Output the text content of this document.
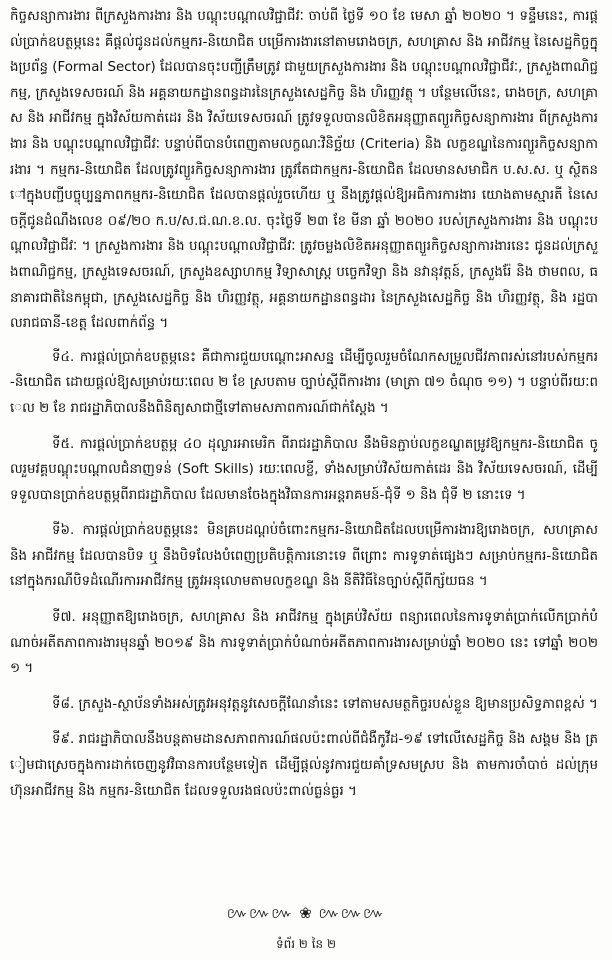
កិច្ចសន្យាការងារ ពីក្រសួងការងារ និង បណ្ដុះបណ្ដាលវិជ្ជាជីវៈ ចាប់ពី ថ្ងៃទី ១០ ខែ មេសា ឆ្នាំ ២០២០ ។ ទន្ទឹមនេះ, ការផ្ដល់ប្រាក់ឧបត្ថម្ភនេះ គឺផ្ដល់ជូនដល់កម្មករ-និយោជិត បម្រើការងារនៅតាមរោងចក្រ, សហគ្រាស និង អាជីវកម្ម នៃសេដ្ឋកិច្ចក្នុងប្រព័ន្ធ (Formal Sector) ដែលបានចុះបញ្ជីត្រឹមត្រូវ ជាមួយក្រសួងការងារ និង បណ្ដុះបណ្ដាលវិជ្ជាជីវៈ, ក្រសួងពាណិជ្ជកម្ម, ក្រសួងទេសចរណ៍ និង អគ្គនាយកដ្ឋានពន្ធដារនៃក្រសួងសេដ្ឋកិច្ច និង ហិរញ្ញវត្ថុ ។ បន្ថែមលើនេះ, រោងចក្រ, សហគ្រាស និង អាជីវកម្ម ក្នុងវិស័យកាត់ដេរ និង វិស័យទេសចរណ៍ ត្រូវទទួលបានលិខិតអនុញ្ញាតព្យួរកិច្ចសន្យាការងារ ពីក្រសួងការងារ និង បណ្ដុះបណ្ដាលវិជ្ជាជីវៈ បន្ទាប់ពីបានបំពេញតាមលក្ខណៈវិនិច្ឆ័យ (Criteria) និង លក្ខខណ្ឌនៃការព្យួរកិច្ចសន្យាការងារ ។ កម្មករ-និយោជិត ដែលត្រូវព្យួរកិច្ចសន្យាការងារ ត្រូវតែជាកម្មករ-និយោជិត ដែលមានសមាជិក ប.ស.ស. ឬ ស្ថិតនៅក្នុងបញ្ជីបច្ចុប្បន្នភាពកម្មករ-និយោជិត ដែលបានផ្ដល់រួចហើយ ឬ នឹងត្រូវផ្ដល់ឱ្យអធិការការងារ យោងតាមស្មារតី នៃសេចក្ដីជូនដំណឹងលេខ ០៩/២០ ក.ប/ស.ជ.ណ.ខ.ល. ចុះថ្ងៃទី ២៣ ខែ មីនា ឆ្នាំ ២០២០ របស់ក្រសួងការងារ និង បណ្ដុះបណ្ដាលវិជ្ជាជីវៈ ។ ក្រសួងការងារ និង បណ្ដុះបណ្ដាលវិជ្ជាជីវៈ ត្រូវចម្លងលិខិតអនុញ្ញាតព្យួរកិច្ចសន្យាការងារនេះ ជូនដល់ក្រសួងពាណិជ្ជកម្ម, ក្រសួងទេសចរណ៍, ក្រសួងឧស្សាហកម្ម វិទ្យាសាស្ត្រ បច្ចេកវិទ្យា និង នវានុវត្តន៍, ក្រសួងរ៉ែ និង ថាមពល, ធនាគារជាតិនៃកម្ពុជា, ក្រសួងសេដ្ឋកិច្ច និង ហិរញ្ញវត្ថុ, អគ្គនាយកដ្ឋានពន្ធដារ នៃក្រសួងសេដ្ឋកិច្ច និង ហិរញ្ញវត្ថុ, និង រដ្ឋបាលរាជធានី-ខេត្ត ដែលពាក់ព័ន្ធ ។

ទី៤. ការផ្ដល់ប្រាក់ឧបត្ថម្ភនេះ គឺជាការជួយបណ្ដោះអាសន្ន ដើម្បីចូលរួមចំណែកសម្រួលជីវភាពរស់នៅរបស់កម្មករ-និយោជិត ដោយផ្ដល់ឱ្យសម្រាប់រយៈពេល ២ ខែ ស្របតាម ច្បាប់ស្ដីពីការងារ (មាត្រា ៧១ ចំណុច ១១) ។ បន្ទាប់ពីរយៈពេល ២ ខែ រាជរដ្ឋាភិបាលនឹងពិនិត្យសាជាថ្មីទៅតាមសភាពការណ៍ជាក់ស្ដែង ។

ទី៥. ការផ្ដល់ប្រាក់ឧបត្ថម្ភ ៤០ ដុល្លារអាមេរិក ពីរាជរដ្ឋាភិបាល នឹងមិនភ្ជាប់លក្ខខណ្ឌតម្រូវឱ្យកម្មករ-និយោជិត ចូលរួមវគ្គបណ្ដុះបណ្ដាលជំនាញទន់ (Soft Skills) រយៈពេលខ្លី, ទាំងសម្រាប់វិស័យកាត់ដេរ និង វិស័យទេសចរណ៍, ដើម្បីទទួលបានប្រាក់ឧបត្ថម្ភពីរាជរដ្ឋាភិបាល ដែលមានចែងក្នុងវិធានការអន្តរាគមន៍-ជុំទី ១ និង ជុំទី ២ នោះទេ ។

ទី៦. ការផ្ដល់ប្រាក់ឧបត្ថម្ភនេះ មិនគ្របដណ្ដប់ចំពោះកម្មករ-និយោជិតដែលបម្រើការងារឱ្យរោងចក្រ, សហគ្រាស និង អាជីវកម្ម ដែលបានបិទ ឬ នឹងបិទលែងបំពេញប្រតិបត្តិការនោះទេ ពីព្រោះ ការទូទាត់ផ្សេងៗ សម្រាប់កម្មករ-និយោជិតនៅក្នុងករណីបិទដំណើរការអាជីវកម្ម ត្រូវអនុលោមតាមលក្ខខណ្ឌ និង នីតិវិធីនៃច្បាប់ស្ដីពីក្ស័យធន ។

ទី៧. អនុញ្ញាតឱ្យរោងចក្រ, សហគ្រាស និង អាជីវកម្ម ក្នុងគ្រប់វិស័យ ពន្យារពេលនៃការទូទាត់ប្រាក់លើកប្រាក់បំណាច់អតីតភាពការងារមុនឆ្នាំ ២០១៩ និង ការទូទាត់ប្រាក់បំណាច់អតីតភាពការងារសម្រាប់ឆ្នាំ ២០២០ នេះ ទៅឆ្នាំ ២០២១ ។

ទី៨. ក្រសួង-ស្ថាប័នទាំងអស់ត្រូវអនុវត្តនូវសេចក្ដីណែនាំនេះ ទៅតាមសមត្ថកិច្ចរបស់ខ្លួន ឱ្យមានប្រសិទ្ធភាពខ្ពស់ ។

ទី៩. រាជរដ្ឋាភិបាលនឹងបន្តតាមដានសភាពការណ៍ផលប៉ះពាល់ពីជំងឺកូវីដ-១៩ ទៅលើសេដ្ឋកិច្ច និង សង្គម និង ត្រៀមជាស្រេចក្នុងការដាក់ចេញនូវវិធានការបន្ថែមទៀត ដើម្បីផ្ដល់នូវការជួយគាំទ្រសមស្រប និង តាមការចាំបាច់ ដល់ក្រុមហ៊ុនអាជីវកម្ម និង កម្មករ-និយោជិត ដែលទទួលរងផលប៉ះពាល់ធ្ងន់ធ្ងរ ។

៚៚៚ ❀ ៚៚៚
ទំព័រ ២ នៃ ២
